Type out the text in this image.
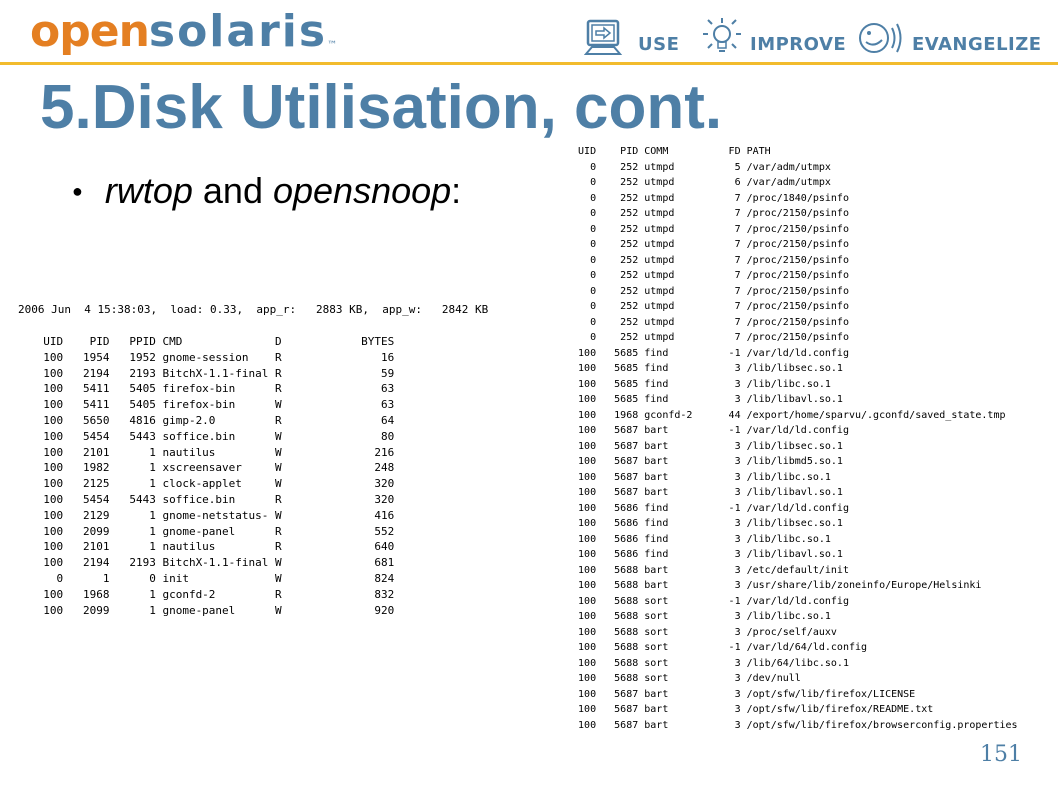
opensolaris™	USE	IMPROVE	EVANGELIZE
5.Disk Utilisation, cont.
● rwtop and opensnoop:
2006 Jun  4 15:38:03,  load: 0.33,  app_r:   2883 KB,  app_w:   2842 KB
UID    PID   PPID CMD              D            BYTES
100   1954   1952 gnome-session    R               16
100   2194   2193 BitchX-1.1-final R               59
100   5411   5405 firefox-bin      R               63
100   5411   5405 firefox-bin      W               63
100   5650   4816 gimp-2.0         R               64
100   5454   5443 soffice.bin      W               80
100   2101      1 nautilus         W              216
100   1982      1 xscreensaver     W              248
100   2125      1 clock-applet     W              320
100   5454   5443 soffice.bin      R              320
100   2129      1 gnome-netstatus- W              416
100   2099      1 gnome-panel      R              552
100   2101      1 nautilus         R              640
100   2194   2193 BitchX-1.1-final W              681
0      1      0 init             W              824
100   1968      1 gconfd-2         R              832
100   2099      1 gnome-panel      W              920
UID    PID COMM          FD PATH
0    252 utmpd          5 /var/adm/utmpx
0    252 utmpd          6 /var/adm/utmpx
0    252 utmpd          7 /proc/1840/psinfo
0    252 utmpd          7 /proc/2150/psinfo
0    252 utmpd          7 /proc/2150/psinfo
0    252 utmpd          7 /proc/2150/psinfo
0    252 utmpd          7 /proc/2150/psinfo
0    252 utmpd          7 /proc/2150/psinfo
0    252 utmpd          7 /proc/2150/psinfo
0    252 utmpd          7 /proc/2150/psinfo
0    252 utmpd          7 /proc/2150/psinfo
0    252 utmpd          7 /proc/2150/psinfo
100   5685 find          -1 /var/ld/ld.config
100   5685 find           3 /lib/libsec.so.1
100   5685 find           3 /lib/libc.so.1
100   5685 find           3 /lib/libavl.so.1
100   1968 gconfd-2      44 /export/home/sparvu/.gconfd/saved_state.tmp
100   5687 bart          -1 /var/ld/ld.config
100   5687 bart           3 /lib/libsec.so.1
100   5687 bart           3 /lib/libmd5.so.1
100   5687 bart           3 /lib/libc.so.1
100   5687 bart           3 /lib/libavl.so.1
100   5686 find          -1 /var/ld/ld.config
100   5686 find           3 /lib/libsec.so.1
100   5686 find           3 /lib/libc.so.1
100   5686 find           3 /lib/libavl.so.1
100   5688 bart           3 /etc/default/init
100   5688 bart           3 /usr/share/lib/zoneinfo/Europe/Helsinki
100   5688 sort          -1 /var/ld/ld.config
100   5688 sort           3 /lib/libc.so.1
100   5688 sort           3 /proc/self/auxv
100   5688 sort          -1 /var/ld/64/ld.config
100   5688 sort           3 /lib/64/libc.so.1
100   5688 sort           3 /dev/null
100   5687 bart           3 /opt/sfw/lib/firefox/LICENSE
100   5687 bart           3 /opt/sfw/lib/firefox/README.txt
100   5687 bart           3 /opt/sfw/lib/firefox/browserconfig.properties
151
